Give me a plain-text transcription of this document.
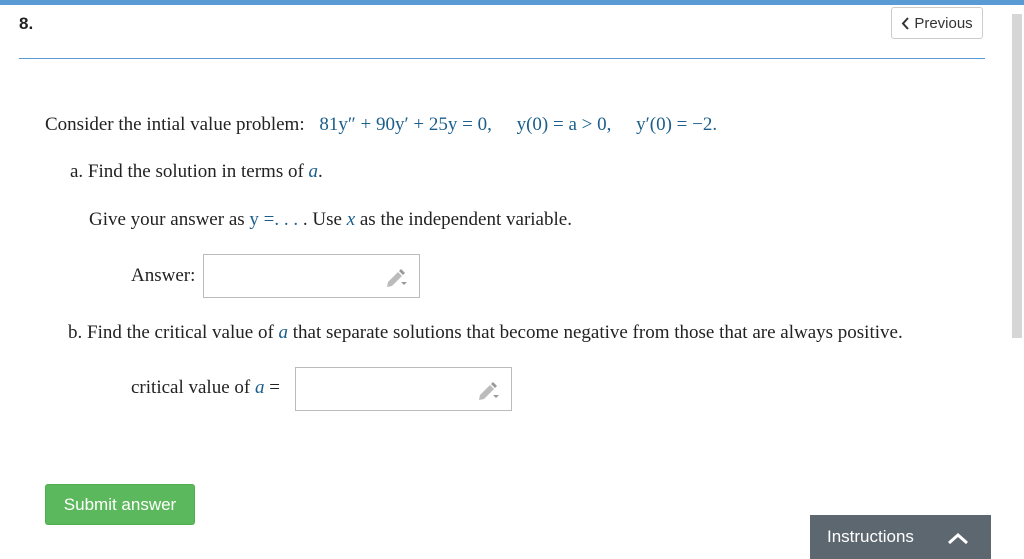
8.	Previous
Consider the intial value problem: 81y″ + 90y′ + 25y = 0, y(0) = a > 0, y′(0) = −2.
a. Find the solution in terms of a.
Give your answer as y =. . . . Use x as the independent variable.
Answer:
b. Find the critical value of a that separate solutions that become negative from those that are always positive.
critical value of a =
Submit answer
Instructions
